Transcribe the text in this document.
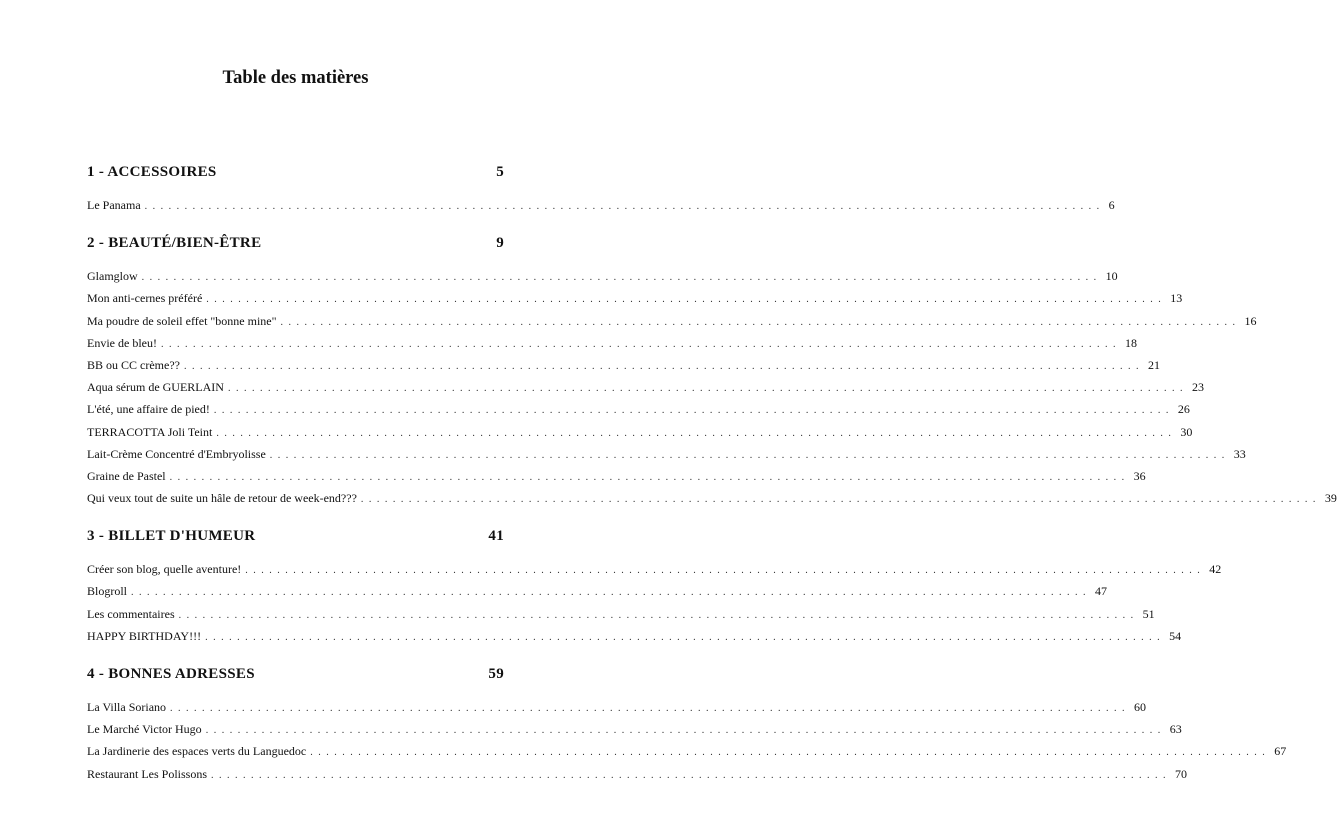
Table des matières
1 - ACCESSOIRES	5
Le Panama ........................................................................................................................ 6
2 - BEAUTÉ/BIEN-ÊTRE	9
Glamglow ........................................................................................................................ 10
Mon anti-cernes préféré ........................................................................................................................ 13
Ma poudre de soleil effet "bonne mine" ........................................................................................................................ 16
Envie de bleu! ........................................................................................................................ 18
BB ou CC crème?? ........................................................................................................................ 21
Aqua sérum de GUERLAIN ........................................................................................................................ 23
L'été, une affaire de pied! ........................................................................................................................ 26
TERRACOTTA Joli Teint ........................................................................................................................ 30
Lait-Crème Concentré d'Embryolisse ........................................................................................................................ 33
Graine de Pastel ........................................................................................................................ 36
Qui veux tout de suite un hâle de retour de week-end??? ........................................................................................................................ 39
3 - BILLET D'HUMEUR	41
Créer son blog, quelle aventure! ........................................................................................................................ 42
Blogroll ........................................................................................................................ 47
Les commentaires ........................................................................................................................ 51
HAPPY BIRTHDAY!!! ........................................................................................................................ 54
4 - BONNES ADRESSES	59
La Villa Soriano ........................................................................................................................ 60
Le Marché Victor Hugo ........................................................................................................................ 63
La Jardinerie des espaces verts du Languedoc ........................................................................................................................ 67
Restaurant Les Polissons ........................................................................................................................ 70
